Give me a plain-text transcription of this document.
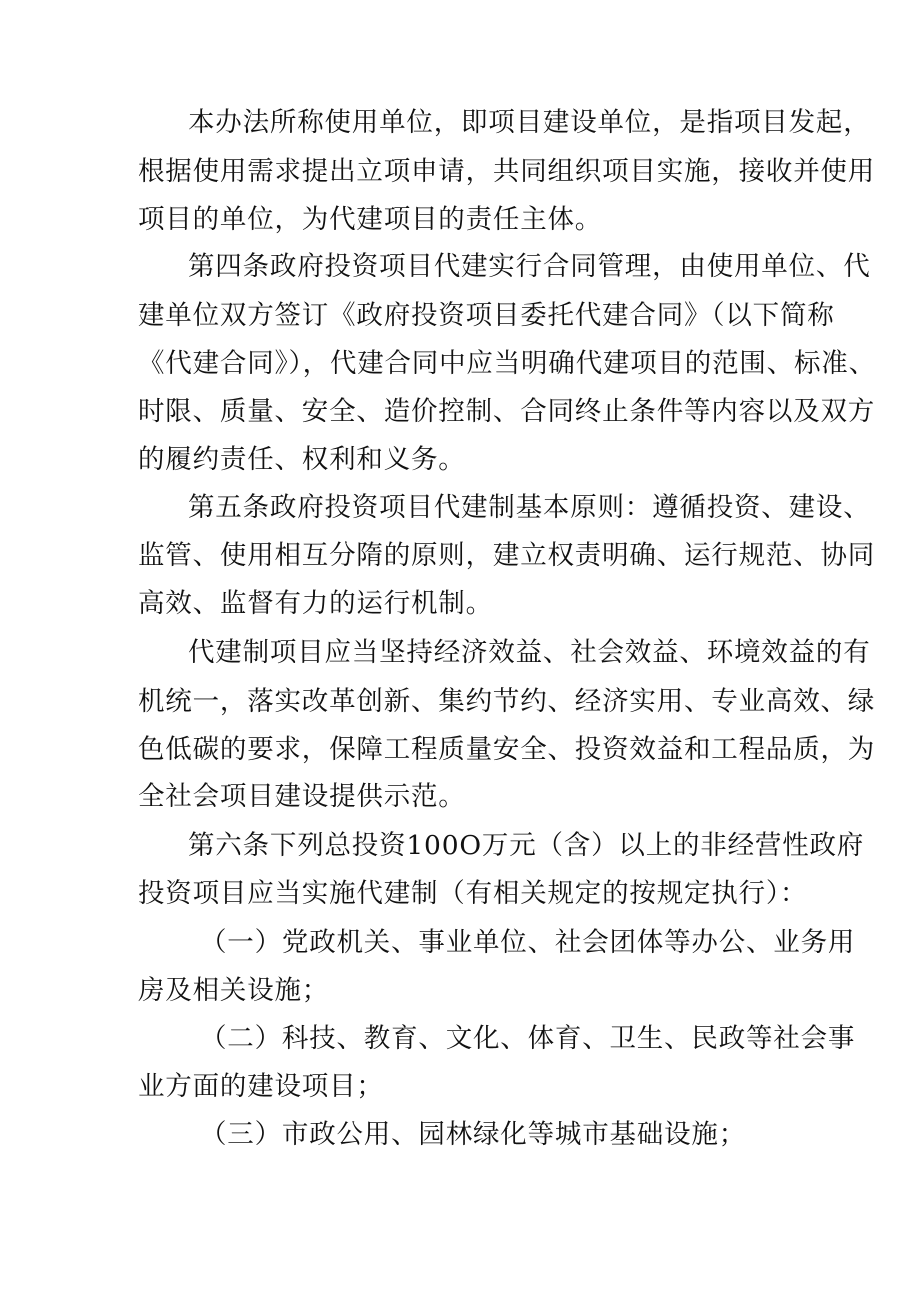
本办法所称使用单位，即项目建设单位，是指项目发起，

根据使用需求提出立项申请，共同组织项目实施，接收并使用

项目的单位，为代建项目的责任主体。

第四条政府投资项目代建实行合同管理，由使用单位、代

建单位双方签订《政府投资项目委托代建合同》（以下简称

《代建合同》），代建合同中应当明确代建项目的范围、标准、

时限、质量、安全、造价控制、合同终止条件等内容以及双方

的履约责任、权利和义务。

第五条政府投资项目代建制基本原则：遵循投资、建设、

监管、使用相互分隋的原则，建立权责明确、运行规范、协同

高效、监督有力的运行机制。

代建制项目应当坚持经济效益、社会效益、环境效益的有

机统一，落实改革创新、集约节约、经济实用、专业高效、绿

色低碳的要求，保障工程质量安全、投资效益和工程品质，为

全社会项目建设提供示范。

第六条下列总投资100O万元（含）以上的非经营性政府

投资项目应当实施代建制（有相关规定的按规定执行）：

（一）党政机关、事业单位、社会团体等办公、业务用

房及相关设施；

（二）科技、教育、文化、体育、卫生、民政等社会事

业方面的建设项目；

（三）市政公用、园林绿化等城市基础设施；
